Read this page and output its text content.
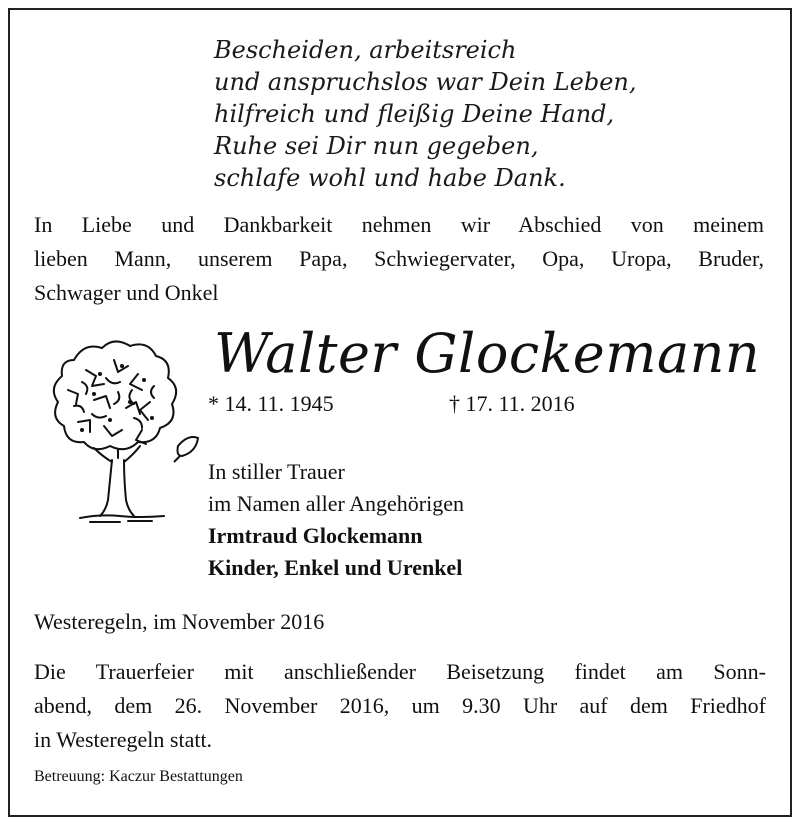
Bescheiden, arbeitsreich
und anspruchslos war Dein Leben,
hilfreich und fleißig Deine Hand,
Ruhe sei Dir nun gegeben,
schlafe wohl und habe Dank.
In Liebe und Dankbarkeit nehmen wir Abschied von meinem
lieben Mann, unserem Papa, Schwiegervater, Opa, Uropa, Bruder,
Schwager und Onkel
Walter Glockemann
* 14. 11. 1945	† 17. 11. 2016
In stiller Trauer
im Namen aller Angehörigen
Irmtraud Glockemann
Kinder, Enkel und Urenkel
Westeregeln, im November 2016
Die Trauerfeier mit anschließender Beisetzung findet am Sonn-
abend, dem 26. November 2016, um 9.30 Uhr auf dem Friedhof
in Westeregeln statt.
Betreuung: Kaczur Bestattungen
